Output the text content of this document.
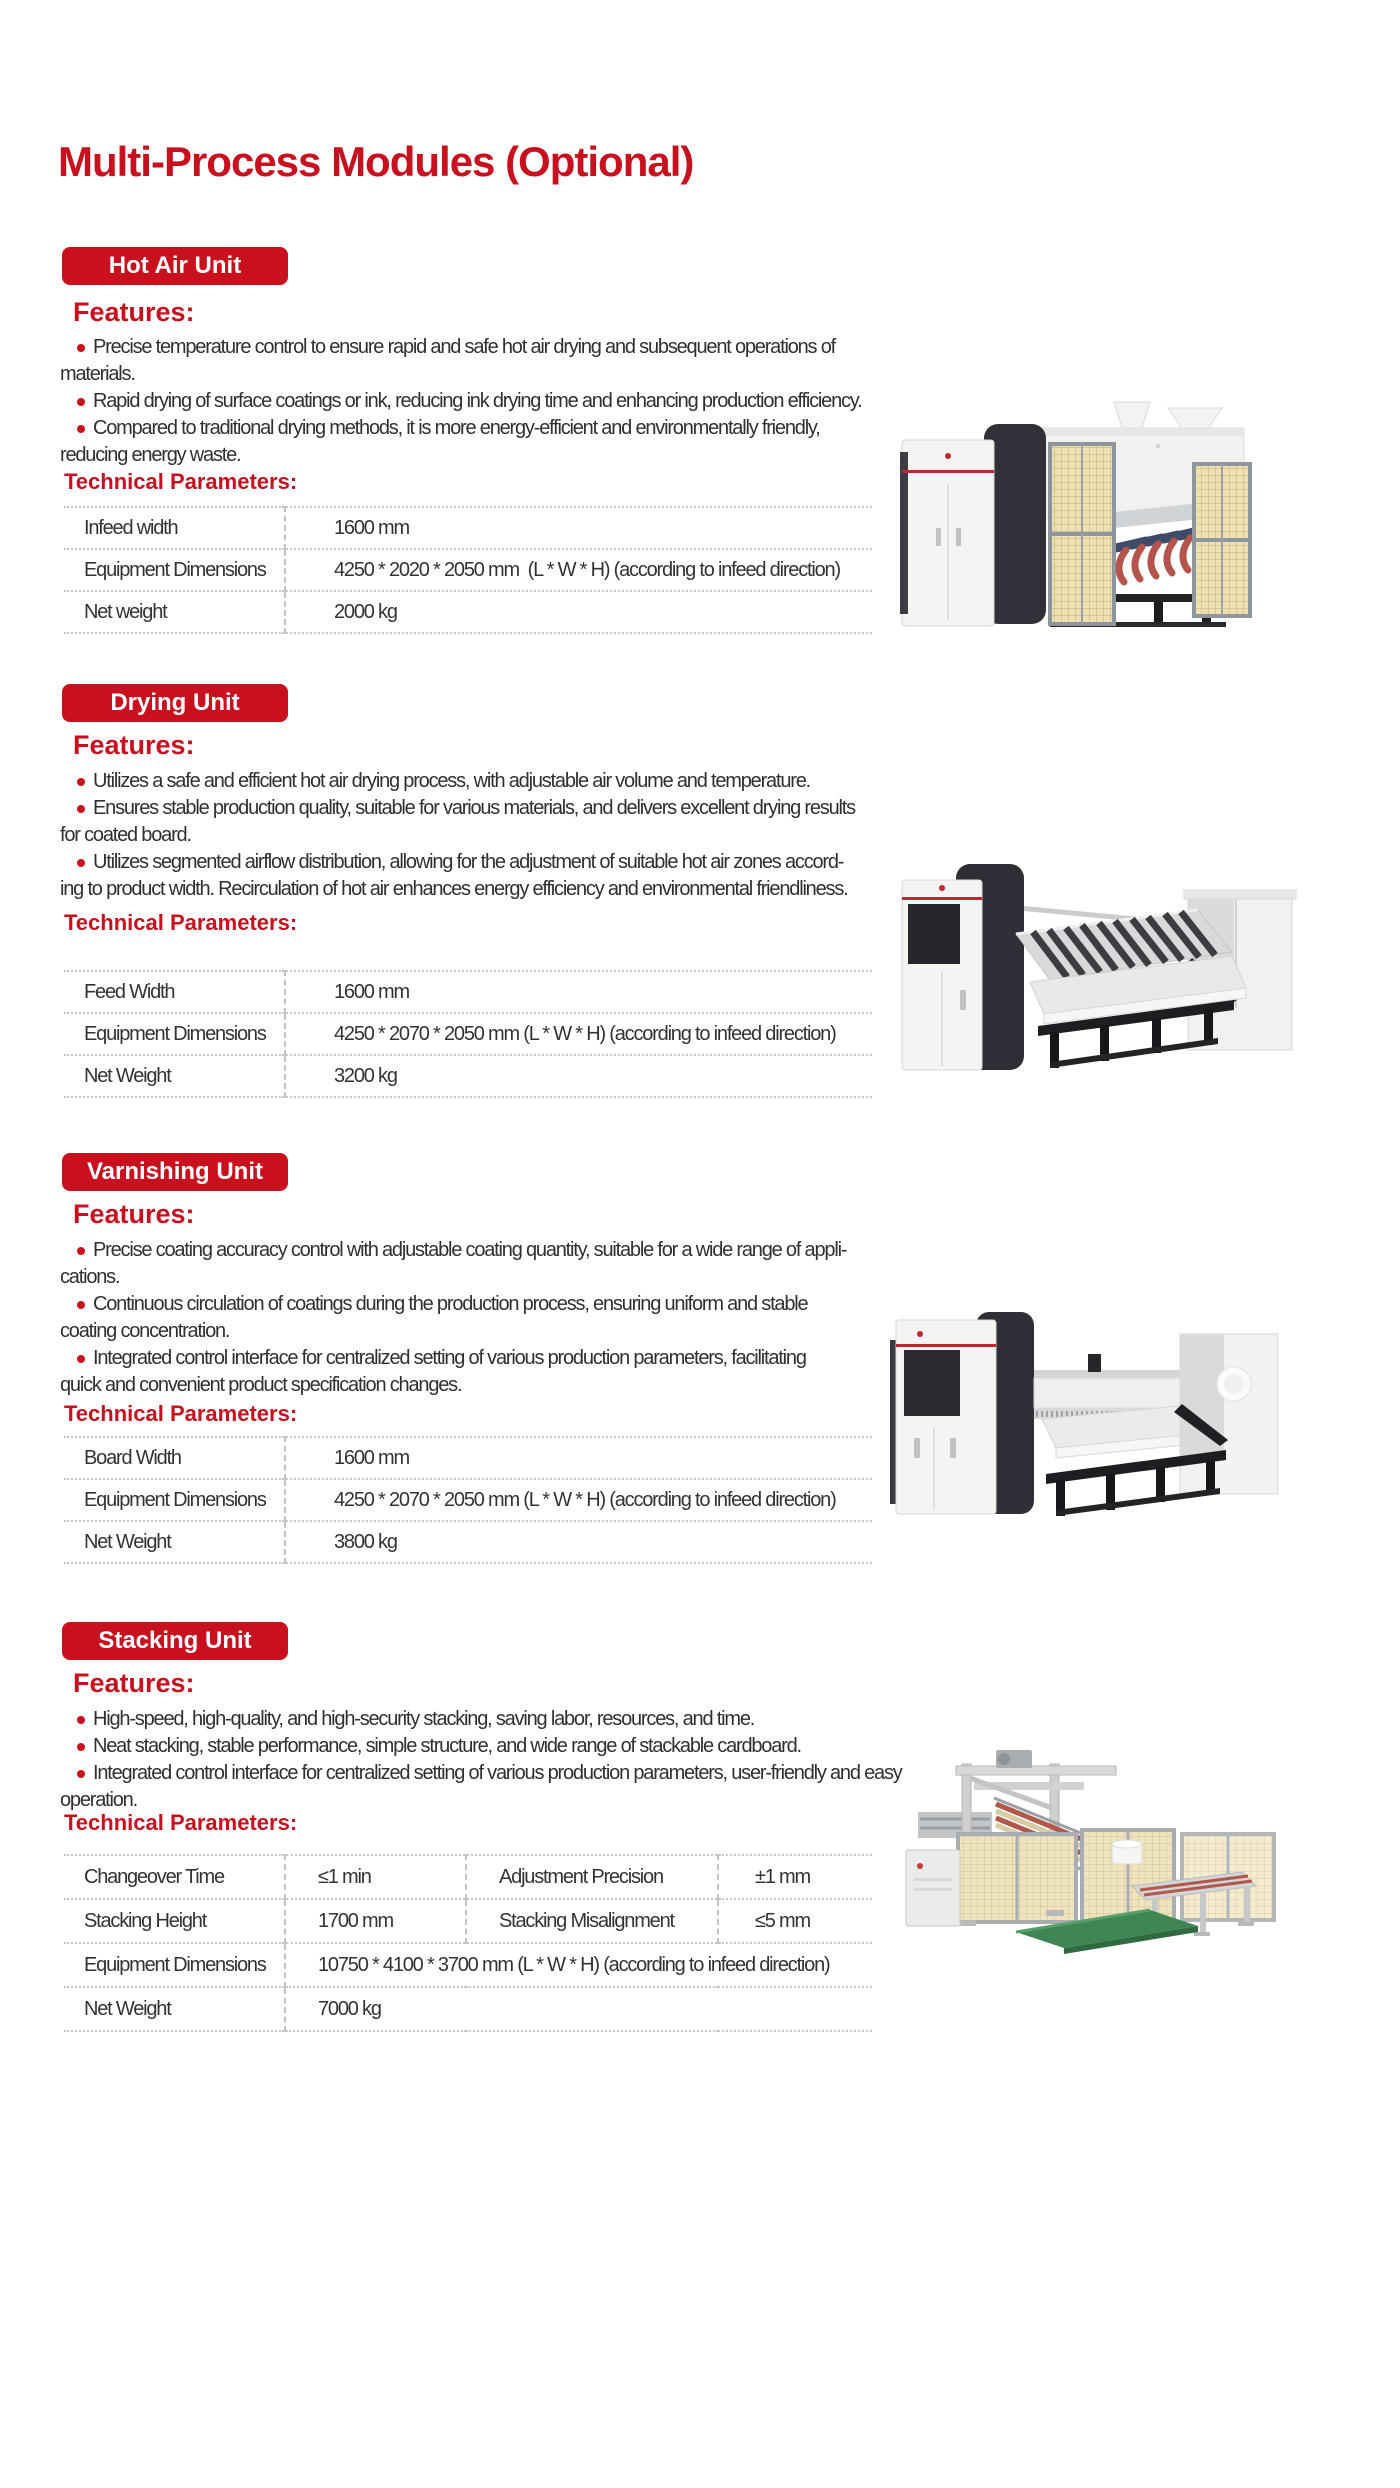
Multi-Process Modules (Optional)
Hot Air Unit
Features:
Precise temperature control to ensure rapid and safe hot air drying and subsequent operations of
materials.
Rapid drying of surface coatings or ink, reducing ink drying time and enhancing production efficiency.
Compared to traditional drying methods, it is more energy-efficient and environmentally friendly,
reducing energy waste.
Technical Parameters:
Infeed width	1600 mm
Equipment Dimensions	4250 * 2020 * 2050 mm  (L * W * H) (according to infeed direction)
Net weight	2000 kg
Drying Unit
Features:
Utilizes a safe and efficient hot air drying process, with adjustable air volume and temperature.
Ensures stable production quality, suitable for various materials, and delivers excellent drying results
for coated board.
Utilizes segmented airflow distribution, allowing for the adjustment of suitable hot air zones accord-
ing to product width. Recirculation of hot air enhances energy efficiency and environmental friendliness.
Technical Parameters:
Feed Width	1600 mm
Equipment Dimensions	4250 * 2070 * 2050 mm (L * W * H) (according to infeed direction)
Net Weight	3200 kg
Varnishing Unit
Features:
Precise coating accuracy control with adjustable coating quantity, suitable for a wide range of appli-
cations.
Continuous circulation of coatings during the production process, ensuring uniform and stable
coating concentration.
Integrated control interface for centralized setting of various production parameters, facilitating
quick and convenient product specification changes.
Technical Parameters:
Board Width	1600 mm
Equipment Dimensions	4250 * 2070 * 2050 mm (L * W * H) (according to infeed direction)
Net Weight	3800 kg
Stacking Unit
Features:
High-speed, high-quality, and high-security stacking, saving labor, resources, and time.
Neat stacking, stable performance, simple structure, and wide range of stackable cardboard.
Integrated control interface for centralized setting of various production parameters, user-friendly and easy
operation.
Technical Parameters:
Changeover Time	≤1 min	Adjustment Precision	±1 mm
Stacking Height	1700 mm	Stacking Misalignment	≤5 mm
Equipment Dimensions	10750 * 4100 * 3700 mm (L * W * H) (according to infeed direction)		
Net Weight	7000 kg		
